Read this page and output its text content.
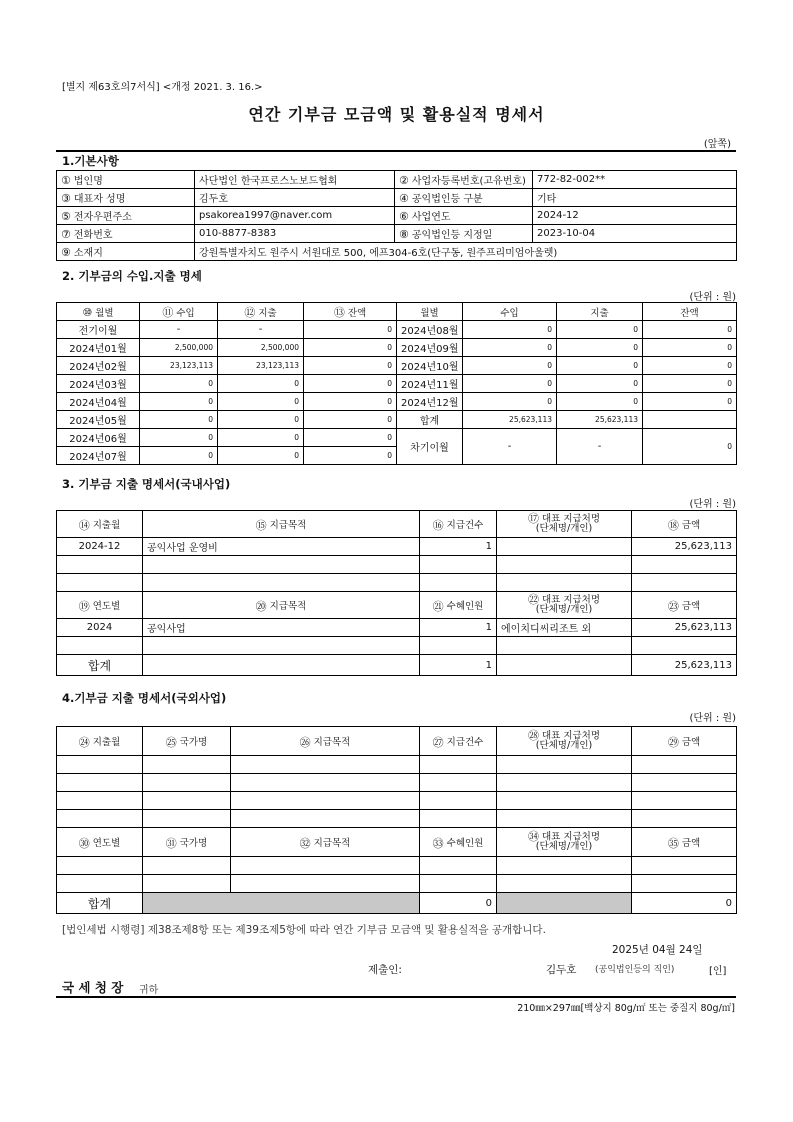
[별지 제63호의7서식] <개정 2021. 3. 16.>
연간 기부금 모금액 및 활용실적 명세서
(앞쪽)
1.기본사항
① 법인명	사단법인 한국프로스노보드협회	② 사업자등록번호(고유번호)	772-82-002**
③ 대표자 성명	김두호	④ 공익법인등 구분	기타
⑤ 전자우편주소	psakorea1997@naver.com	⑥ 사업연도	2024-12
⑦ 전화번호	010-8877-8383	⑧ 공익법인등 지정일	2023-10-04
⑨ 소재지	강원특별자치도 원주시 서원대로 500, 에프304-6호(단구동, 원주프리미엄아울렛)		
2. 기부금의 수입.지출 명세
(단위 : 원)
⑩ 월별	⑪ 수입	⑫ 지출	⑬ 잔액	월별	수입	지출	잔액
전기이월	-	-	0	2024년08월	0	0	0
2024년01월	2,500,000	2,500,000	0	2024년09월	0	0	0
2024년02월	23,123,113	23,123,113	0	2024년10월	0	0	0
2024년03월	0	0	0	2024년11월	0	0	0
2024년04월	0	0	0	2024년12월	0	0	0
2024년05월	0	0	0	합계	25,623,113	25,623,113	
2024년06월	0	0	0	차기이월	-	-	0
2024년07월	0	0	0				
3. 기부금 지출 명세서(국내사업)
(단위 : 원)
⑭ 지출월	⑮ 지급목적	⑯ 지급건수	⑰ 대표 지급처명
(단체명/개인)	⑱ 금액
2024-12	공익사업 운영비	1		25,623,113

⑲ 연도별	⑳ 지급목적	㉑ 수혜인원	㉒ 대표 지급처명
(단체명/개인)	㉓ 금액
2024	공익사업	1	에이치디씨리조트 외	25,623,113

합계		1		25,623,113
4.기부금 지출 명세서(국외사업)
(단위 : 원)
㉔ 지출월	㉕ 국가명	㉖ 지급목적	㉗ 지급건수	㉘ 대표 지급처명
(단체명/개인)	㉙ 금액

㉚ 연도별	㉛ 국가명	㉜ 지급목적	㉝ 수혜인원	㉞ 대표 지급처명
(단체명/개인)	㉟ 금액

합계			0		0
[법인세법 시행령] 제38조제8항 또는 제39조제5항에 따라 연간 기부금 모금액 및 활용실적을 공개합니다.
2025년 04월 24일
제출인:	김두호 (공익법인등의 직인)	[인]
국 세 청 장 귀하
210㎜×297㎜[백상지 80g/㎡ 또는 중질지 80g/㎡]
